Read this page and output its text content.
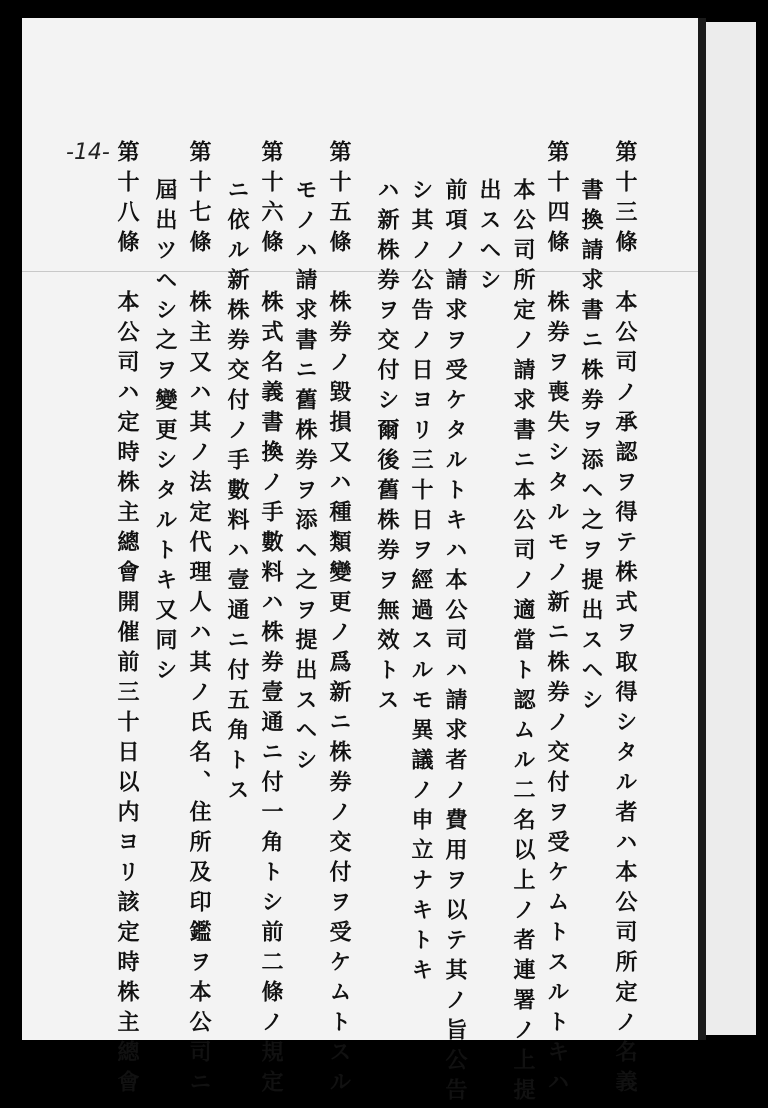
第十三條　本公司ノ承認ヲ得テ株式ヲ取得シタル者ハ本公司所定ノ名義
書換請求書ニ株券ヲ添ヘ之ヲ提出スヘシ
第十四條　株券ヲ喪失シタルモノ新ニ株券ノ交付ヲ受ケムトスルトキハ
本公司所定ノ請求書ニ本公司ノ適當ト認ムル二名以上ノ者連署ノ上提
出スヘシ
前項ノ請求ヲ受ケタルトキハ本公司ハ請求者ノ費用ヲ以テ其ノ旨公告
シ其ノ公告ノ日ヨリ三十日ヲ經過スルモ異議ノ申立ナキトキ
ハ新株券ヲ交付シ爾後舊株券ヲ無效トス
第十五條　株券ノ毀損又ハ種類變更ノ爲新ニ株券ノ交付ヲ受ケムトスル
モノハ請求書ニ舊株券ヲ添ヘ之ヲ提出スヘシ
第十六條　株式名義書換ノ手數料ハ株券壹通ニ付一角トシ前二條ノ規定
ニ依ル新株券交付ノ手數料ハ壹通ニ付五角トス
第十七條　株主又ハ其ノ法定代理人ハ其ノ氏名、住所及印鑑ヲ本公司ニ
屆出ツヘシ之ヲ變更シタルトキ又同シ
第十八條　本公司ハ定時株主總會開催前三十日以内ヨリ該定時株主總會
-14-
